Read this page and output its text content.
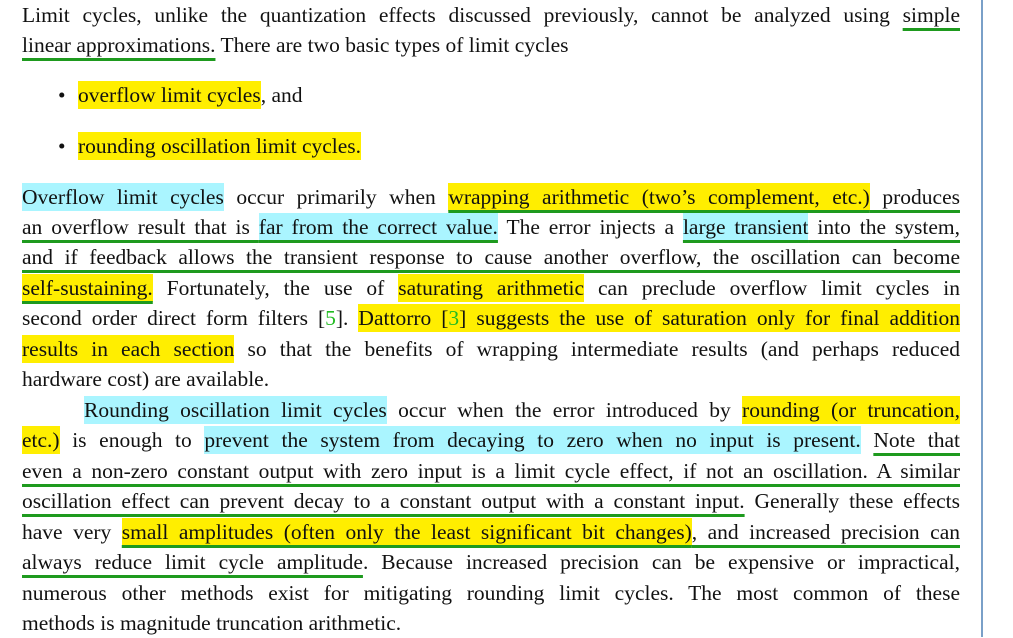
Limit cycles, unlike the quantization effects discussed previously, cannot be analyzed using simple
linear approximations. There are two basic types of limit cycles
• overflow limit cycles, and
• rounding oscillation limit cycles.
Overflow limit cycles occur primarily when wrapping arithmetic (two’s complement, etc.) produces
an overflow result that is far from the correct value. The error injects a large transient into the system,
and if feedback allows the transient response to cause another overflow, the oscillation can become
self-sustaining. Fortunately, the use of saturating arithmetic can preclude overflow limit cycles in
second order direct form filters [5]. Dattorro [3] suggests the use of saturation only for final addition
results in each section so that the benefits of wrapping intermediate results (and perhaps reduced
hardware cost) are available.
Rounding oscillation limit cycles occur when the error introduced by rounding (or truncation,
etc.) is enough to prevent the system from decaying to zero when no input is present. Note that
even a non-zero constant output with zero input is a limit cycle effect, if not an oscillation. A similar
oscillation effect can prevent decay to a constant output with a constant input. Generally these effects
have very small amplitudes (often only the least significant bit changes), and increased precision can
always reduce limit cycle amplitude. Because increased precision can be expensive or impractical,
numerous other methods exist for mitigating rounding limit cycles. The most common of these
methods is magnitude truncation arithmetic.
